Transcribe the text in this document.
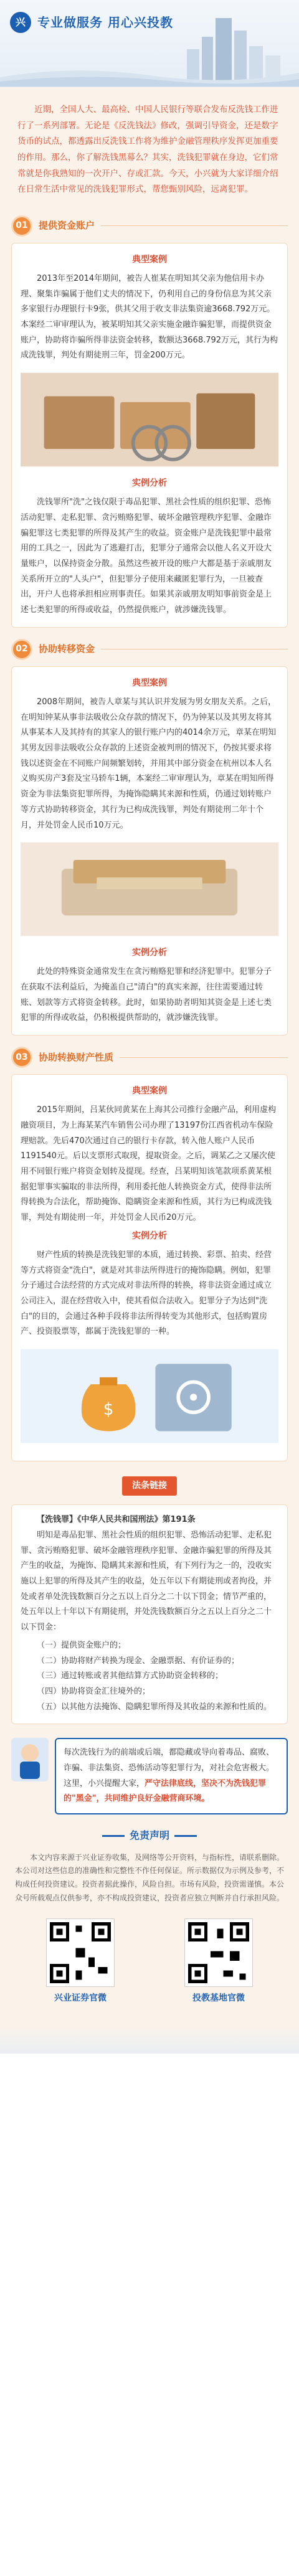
兴 专业做服务 用心兴投教

近期，全国人大、最高检、中国人民银行等联合发布反洗钱工作进行了一系列部署。无论是《反洗钱法》修改，强调引导资金，还是数字货币的试点，都透露出反洗钱工作将为维护金融管理秩序发挥更加重要的作用。那么，你了解洗钱黑幕么？其实，洗钱犯罪就在身边，它们常常就是你我熟知的一次开户、存或汇款。今天，小兴就为大家详细介绍在日常生活中常见的洗钱犯罪形式，帮您甄别风险，远离犯罪。

01	提供资金账户
典型案例

2013年至2014年期间，被告人崔某在明知其父亲为他信用卡办理、聚集诈骗属于他们丈夫的情况下，仍利用自己的身份信息为其父亲多家银行办理银行卡9张，供其父用于收支非法集资逾3668.792万元。本案经二审审理认为，被某明知其父亲实施金融诈骗犯罪，而提供资金账户，协助将诈骗所得非法资金转移，数额达3668.792万元，其行为构成洗钱罪，判处有期徒刑三年，罚金200万元。

实例分析

洗钱罪所"洗"之钱仅限于毒品犯罪、黑社会性质的组织犯罪、恐怖活动犯罪、走私犯罪、贪污贿赂犯罪、破坏金融管理秩序犯罪、金融诈骗犯罪这七类犯罪的所得及其产生的收益。资金账户是洗钱犯罪中最常用的工具之一，因此为了逃避打击，犯罪分子通常会以他人名义开设大量账户，以保持资金分散。虽然这些被开设的账户大都是基于亲戚朋友关系所开立的"人头户"，但犯罪分子使用来藏匿犯罪行为，一旦被查出，开户人也将承担相应刑事责任。如果其亲戚朋友明知事前资金是上述七类犯罪的所得或收益，仍然提供账户，就涉嫌洗钱罪。

02	协助转移资金
典型案例

2008年期间，被告人章某与其认识并发展为男女朋友关系。之后，在明知钟某从事非法吸收公众存款的情况下，仍为钟某以及其男友将其从事某本人及其持有的其家人的银行账户内的4014余万元，章某在明知其男友因非法吸收公众存款的上述资金被判刑的情况下，仍按其要求将钱以述资金在不同账户间频繁划转，并用其中部分资金在杭州以本人名义购买房产3套及宝马轿车1辆，本案经二审审理认为，章某在明知所得资金为非法集资犯罪所得，为掩饰隐瞒其来源和性质，仍通过划转账户等方式协助转移资金，其行为已构成洗钱罪，判处有期徒刑二年十个月，并处罚金人民币10万元。

实例分析

此处的特殊资金通常发生在贪污贿赂犯罪和经济犯罪中。犯罪分子在获取不法利益后，为掩盖自己"清白"的真实来源，往往需要通过转账、划款等方式将资金转移。此时，如果协助者明知其资金是上述七类犯罪的所得或收益，仍积极提供帮助的，就涉嫌洗钱罪。

03	协助转换财产性质
典型案例

2015年期间，吕某伙同黄某在上海其公司推行金融产品，利用虚构融资项目，为上海某某汽车销售公司办理了13197份江西省机动车保险理赔款。先后470次通过自己的银行卡存款，转入他人账户人民币1191540元。后以支票形式取现，提取资金。之后，调某乙之又屡次使用不同银行账户将资金划转及提现。经查，吕某明知该笔款项系黄某根据犯罪事实骗取的非法所得，利用委托他人转换资金方式，使得非法所得转换为合法化，帮助掩饰、隐瞒资金来源和性质，其行为已构成洗钱罪，判处有期徒刑一年，并处罚金人民币20万元。

实例分析

财产性质的转换是洗钱犯罪的本质，通过转换、彩票、拍卖、经营等方式将资金"洗白"，就是对其非法所得进行的掩饰隐瞒。例如，犯罪分子通过合法经营的方式完成对非法所得的转换，将非法资金通过成立公司注入，混在经营收入中，使其看似合法收入。犯罪分子为达到"洗白"的目的，会通过各种手段将非法所得转变为其他形式，包括购置房产、投资股票等，都属于洗钱犯罪的一种。

$
法条链接

【洗钱罪】《中华人民共和国刑法》第191条

明知是毒品犯罪、黑社会性质的组织犯罪、恐怖活动犯罪、走私犯罪、贪污贿赂犯罪、破坏金融管理秩序犯罪、金融诈骗犯罪的所得及其产生的收益，为掩饰、隐瞒其来源和性质，有下列行为之一的，没收实施以上犯罪的所得及其产生的收益，处五年以下有期徒刑或者拘役，并处或者单处洗钱数额百分之五以上百分之二十以下罚金；情节严重的，处五年以上十年以下有期徒刑，并处洗钱数额百分之五以上百分之二十以下罚金：

（一）提供资金账户的；
（二）协助将财产转换为现金、金融票据、有价证券的；
（三）通过转账或者其他结算方式协助资金转移的；
（四）协助将资金汇往境外的；
（五）以其他方法掩饰、隐瞒犯罪所得及其收益的来源和性质的。
每次洗钱行为的前端或后端，都隐藏或导向着毒品、腐败、诈骗、非法集资、恐怖活动等犯罪行为，对社会危害极大。这里，小兴提醒大家，严守法律底线，坚决不为洗钱犯罪的"黑金"，共同维护良好金融营商环境。
免责声明

本文内容来源于兴业证券收集，及网络等公开资料，与指标性，请联系删除。本公司对这些信息的准确性和完整性不作任何保证。所示数据仅为示例及参考，不构成任何投资建议。投资者据此操作，风险自担。市场有风险，投资需谨慎。本公众号所载观点仅供参考，亦不构成投资建议，投资者应独立判断并自行承担风险。

兴业证券官微	投教基地官微
